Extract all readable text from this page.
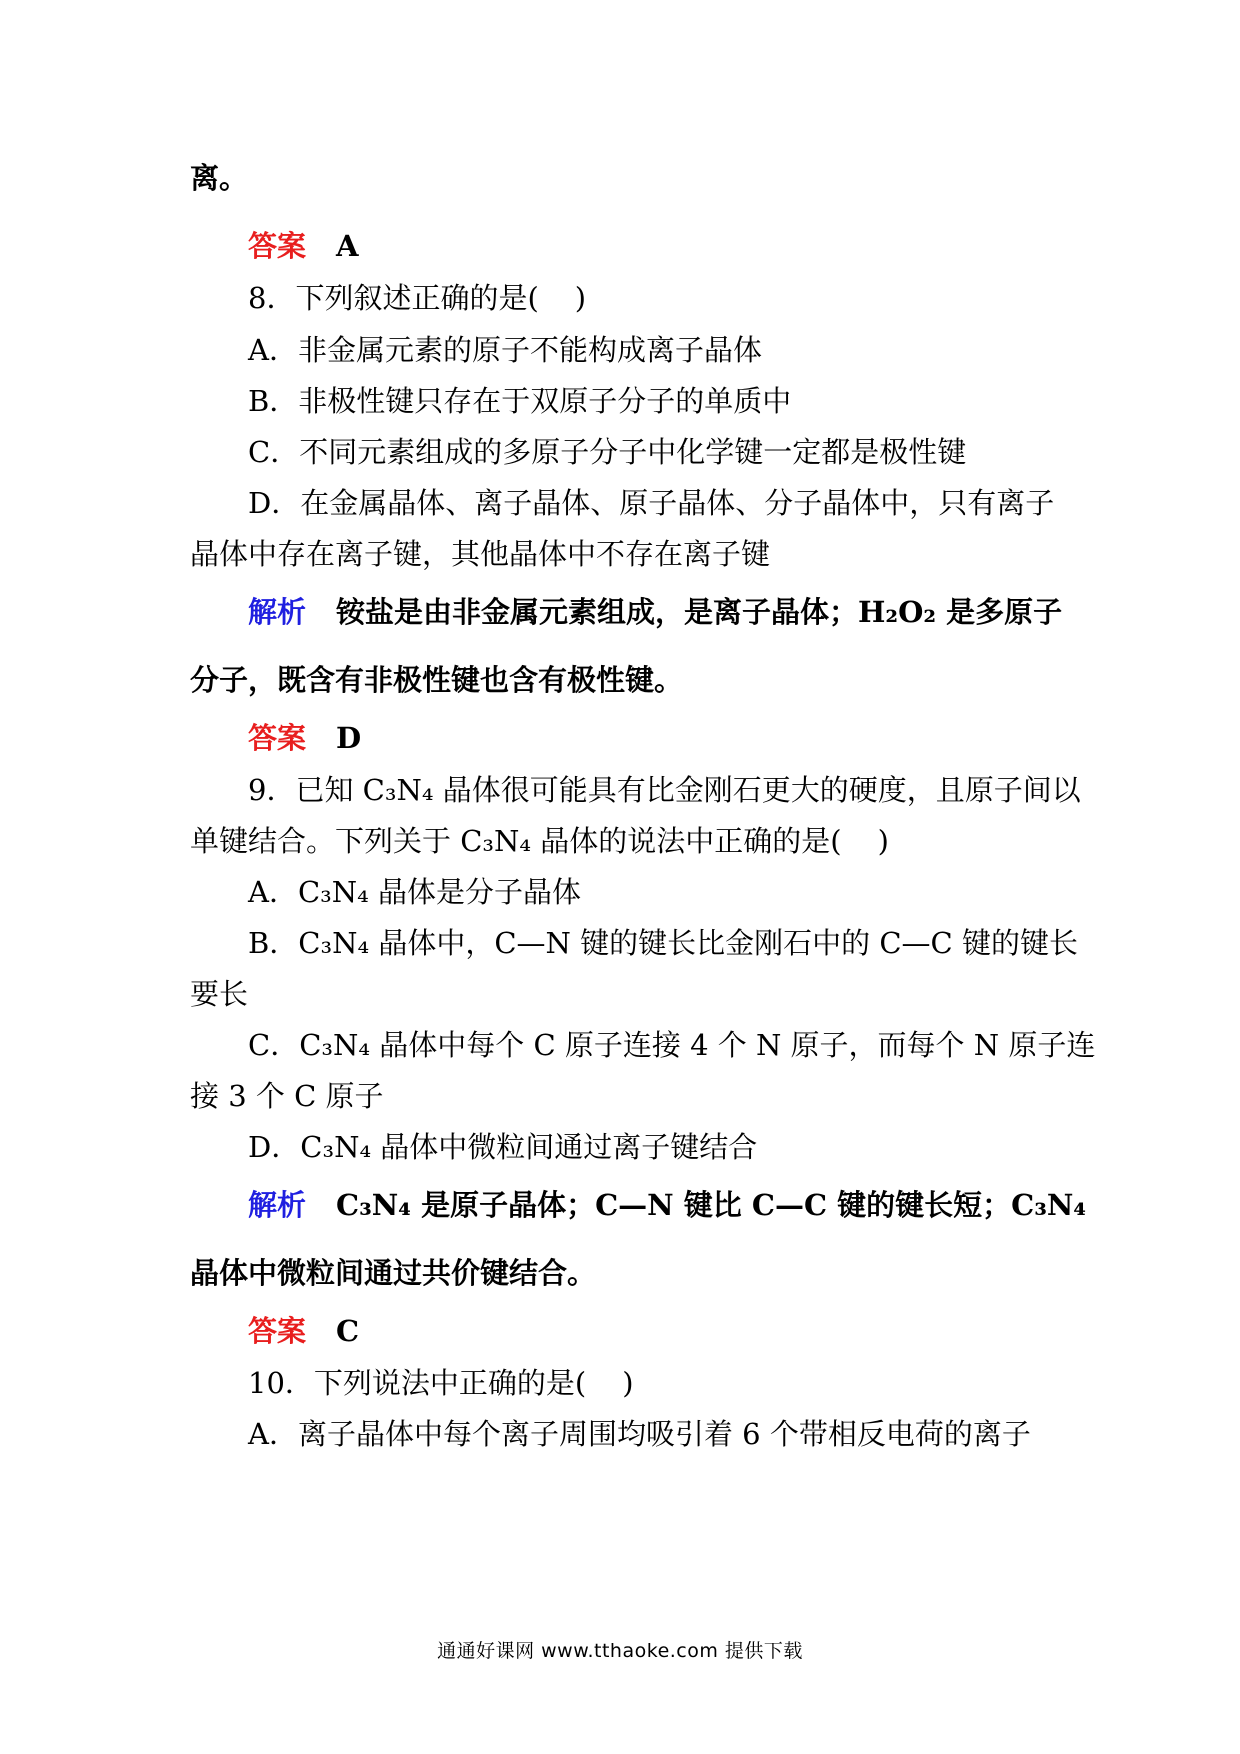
离。
答案 A
8．下列叙述正确的是( )
A．非金属元素的原子不能构成离子晶体
B．非极性键只存在于双原子分子的单质中
C．不同元素组成的多原子分子中化学键一定都是极性键
D．在金属晶体、离子晶体、原子晶体、分子晶体中，只有离子
晶体中存在离子键，其他晶体中不存在离子键
解析 铵盐是由非金属元素组成，是离子晶体；H₂O₂ 是多原子
分子，既含有非极性键也含有极性键。
答案 D
9．已知 C₃N₄ 晶体很可能具有比金刚石更大的硬度，且原子间以
单键结合。下列关于 C₃N₄ 晶体的说法中正确的是( )
A．C₃N₄ 晶体是分子晶体
B．C₃N₄ 晶体中，C—N 键的键长比金刚石中的 C—C 键的键长
要长
C．C₃N₄ 晶体中每个 C 原子连接 4 个 N 原子，而每个 N 原子连
接 3 个 C 原子
D．C₃N₄ 晶体中微粒间通过离子键结合
解析 C₃N₄ 是原子晶体；C—N 键比 C—C 键的键长短；C₃N₄
晶体中微粒间通过共价键结合。
答案 C
10．下列说法中正确的是( )
A．离子晶体中每个离子周围均吸引着 6 个带相反电荷的离子
通通好课网 www.tthaoke.com 提供下载
